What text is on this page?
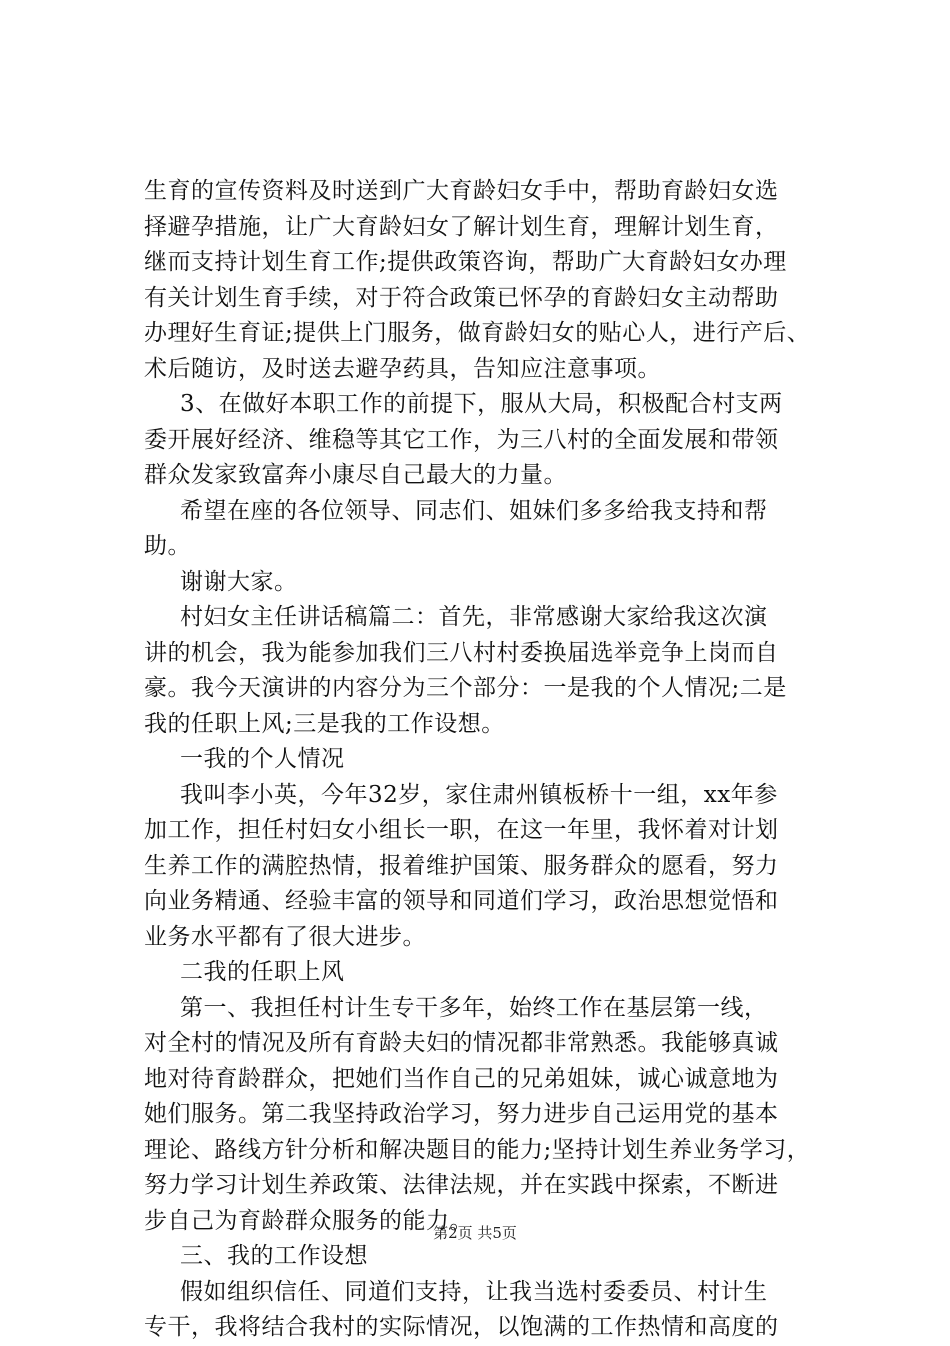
生育的宣传资料及时送到广大育龄妇女手中，帮助育龄妇女选
择避孕措施，让广大育龄妇女了解计划生育，理解计划生育，
继而支持计划生育工作;提供政策咨询，帮助广大育龄妇女办理
有关计划生育手续，对于符合政策已怀孕的育龄妇女主动帮助
办理好生育证;提供上门服务，做育龄妇女的贴心人，进行产后、
术后随访，及时送去避孕药具，告知应注意事项。
3、在做好本职工作的前提下，服从大局，积极配合村支两
委开展好经济、维稳等其它工作，为三八村的全面发展和带领
群众发家致富奔小康尽自己最大的力量。
希望在座的各位领导、同志们、姐妹们多多给我支持和帮
助。
谢谢大家。
村妇女主任讲话稿篇二：首先，非常感谢大家给我这次演
讲的机会，我为能参加我们三八村村委换届选举竞争上岗而自
豪。我今天演讲的内容分为三个部分：一是我的个人情况;二是
我的任职上风;三是我的工作设想。
一我的个人情况
我叫李小英，今年32岁，家住肃州镇板桥十一组，xx年参
加工作，担任村妇女小组长一职，在这一年里，我怀着对计划
生养工作的满腔热情，报着维护国策、服务群众的愿看，努力
向业务精通、经验丰富的领导和同道们学习，政治思想觉悟和
业务水平都有了很大进步。
二我的任职上风
第一、我担任村计生专干多年，始终工作在基层第一线，
对全村的情况及所有育龄夫妇的情况都非常熟悉。我能够真诚
地对待育龄群众，把她们当作自己的兄弟姐妹，诚心诚意地为
她们服务。第二我坚持政治学习，努力进步自己运用党的基本
理论、路线方针分析和解决题目的能力;坚持计划生养业务学习，
努力学习计划生养政策、法律法规，并在实践中探索，不断进
步自己为育龄群众服务的能力。
三、我的工作设想
假如组织信任、同道们支持，让我当选村委委员、村计生
专干，我将结合我村的实际情况，以饱满的工作热情和高度的
第2页 共5页
